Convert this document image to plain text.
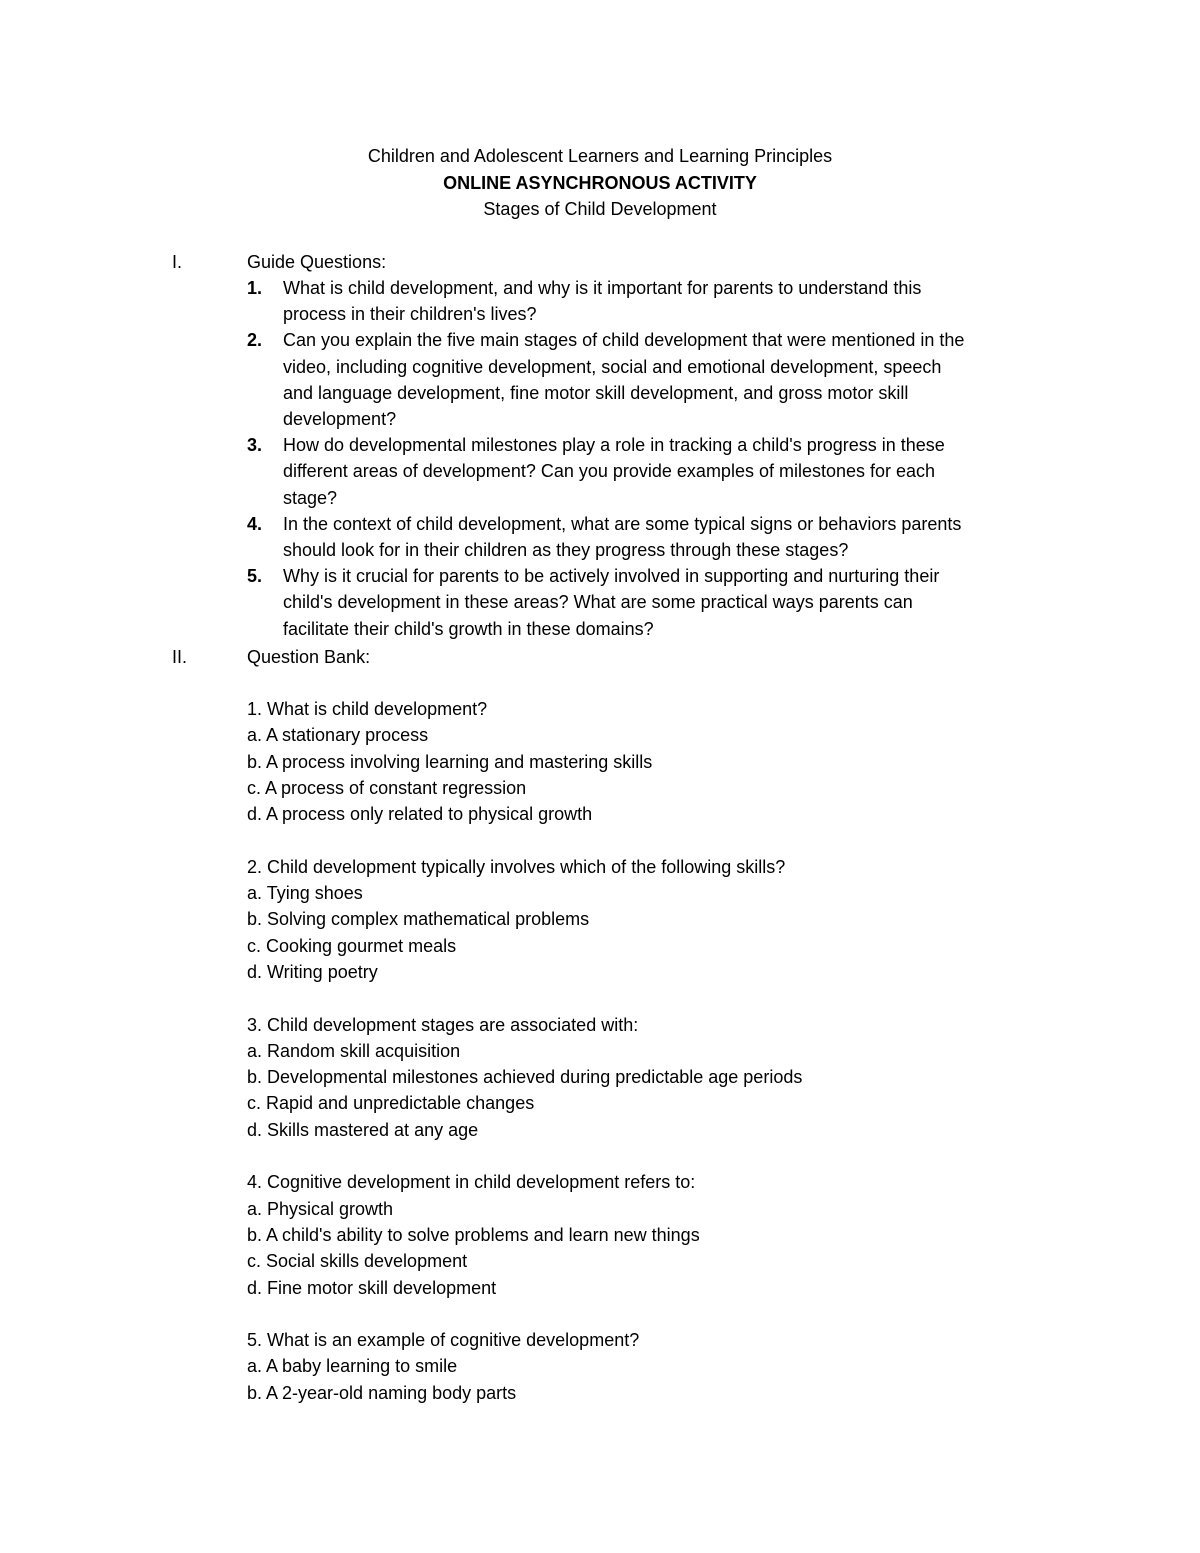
Children and Adolescent Learners and Learning Principles
ONLINE ASYNCHRONOUS ACTIVITY
Stages of Child Development
I.	Guide Questions:
1. What is child development, and why is it important for parents to understand this process in their children's lives?
2. Can you explain the five main stages of child development that were mentioned in the video, including cognitive development, social and emotional development, speech and language development, fine motor skill development, and gross motor skill development?
3. How do developmental milestones play a role in tracking a child's progress in these different areas of development? Can you provide examples of milestones for each stage?
4. In the context of child development, what are some typical signs or behaviors parents should look for in their children as they progress through these stages?
5. Why is it crucial for parents to be actively involved in supporting and nurturing their child's development in these areas? What are some practical ways parents can facilitate their child's growth in these domains?
II.	Question Bank:
1. What is child development?
a. A stationary process
b. A process involving learning and mastering skills
c. A process of constant regression
d. A process only related to physical growth
2. Child development typically involves which of the following skills?
a. Tying shoes
b. Solving complex mathematical problems
c. Cooking gourmet meals
d. Writing poetry
3. Child development stages are associated with:
a. Random skill acquisition
b. Developmental milestones achieved during predictable age periods
c. Rapid and unpredictable changes
d. Skills mastered at any age
4. Cognitive development in child development refers to:
a. Physical growth
b. A child's ability to solve problems and learn new things
c. Social skills development
d. Fine motor skill development
5. What is an example of cognitive development?
a. A baby learning to smile
b. A 2-year-old naming body parts
